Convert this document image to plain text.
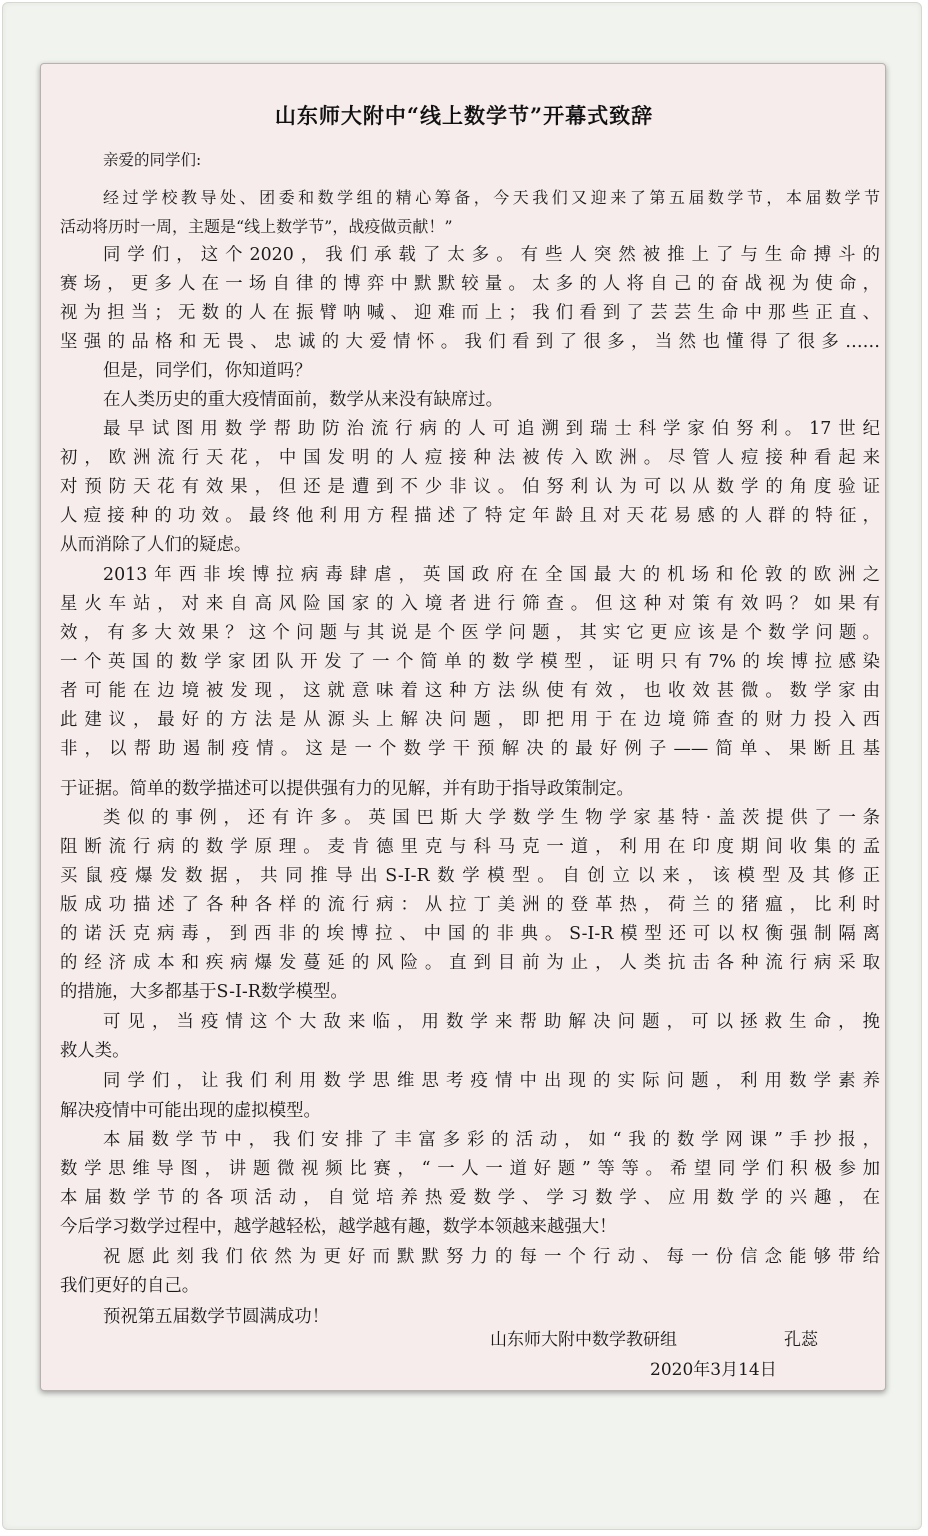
山东师大附中“线上数学节”开幕式致辞
亲爱的同学们:
经过学校教导处、团委和数学组的精心筹备，今天我们又迎来了第五届数学节，本届数学节
活动将历时一周，主题是“线上数学节”，战疫做贡献！”
同学们，这个2020，我们承载了太多。有些人突然被推上了与生命搏斗的
赛场，更多人在一场自律的博弈中默默较量。太多的人将自己的奋战视为使命，
视为担当；无数的人在振臂呐喊、迎难而上；我们看到了芸芸生命中那些正直、
坚强的品格和无畏、忠诚的大爱情怀。我们看到了很多，当然也懂得了很多……
但是，同学们，你知道吗？
在人类历史的重大疫情面前，数学从来没有缺席过。
最早试图用数学帮助防治流行病的人可追溯到瑞士科学家伯努利。17世纪
初，欧洲流行天花，中国发明的人痘接种法被传入欧洲。尽管人痘接种看起来
对预防天花有效果，但还是遭到不少非议。伯努利认为可以从数学的角度验证
人痘接种的功效。最终他利用方程描述了特定年龄且对天花易感的人群的特征，
从而消除了人们的疑虑。
2013年西非埃博拉病毒肆虐，英国政府在全国最大的机场和伦敦的欧洲之
星火车站，对来自高风险国家的入境者进行筛查。但这种对策有效吗？如果有
效，有多大效果？这个问题与其说是个医学问题，其实它更应该是个数学问题。
一个英国的数学家团队开发了一个简单的数学模型，证明只有7%的埃博拉感染
者可能在边境被发现，这就意味着这种方法纵使有效，也收效甚微。数学家由
此建议，最好的方法是从源头上解决问题，即把用于在边境筛查的财力投入西
非，以帮助遏制疫情。这是一个数学干预解决的最好例子——简单、果断且基
于证据。简单的数学描述可以提供强有力的见解，并有助于指导政策制定。
类似的事例，还有许多。英国巴斯大学数学生物学家基特·盖茨提供了一条
阻断流行病的数学原理。麦肯德里克与科马克一道，利用在印度期间收集的孟
买鼠疫爆发数据，共同推导出S-I-R数学模型。自创立以来，该模型及其修正
版成功描述了各种各样的流行病：从拉丁美洲的登革热，荷兰的猪瘟，比利时
的诺沃克病毒，到西非的埃博拉、中国的非典。S-I-R模型还可以权衡强制隔离
的经济成本和疾病爆发蔓延的风险。直到目前为止，人类抗击各种流行病采取
的措施，大多都基于S-I-R数学模型。
可见，当疫情这个大敌来临，用数学来帮助解决问题，可以拯救生命，挽
救人类。
同学们，让我们利用数学思维思考疫情中出现的实际问题，利用数学素养
解决疫情中可能出现的虚拟模型。
本届数学节中，我们安排了丰富多彩的活动，如“我的数学网课”手抄报，
数学思维导图，讲题微视频比赛，“一人一道好题”等等。希望同学们积极参加
本届数学节的各项活动，自觉培养热爱数学、学习数学、应用数学的兴趣，在
今后学习数学过程中，越学越轻松，越学越有趣，数学本领越来越强大！
祝愿此刻我们依然为更好而默默努力的每一个行动、每一份信念能够带给
我们更好的自己。
预祝第五届数学节圆满成功！
山东师大附中数学教研组	孔蕊
2020年3月14日
